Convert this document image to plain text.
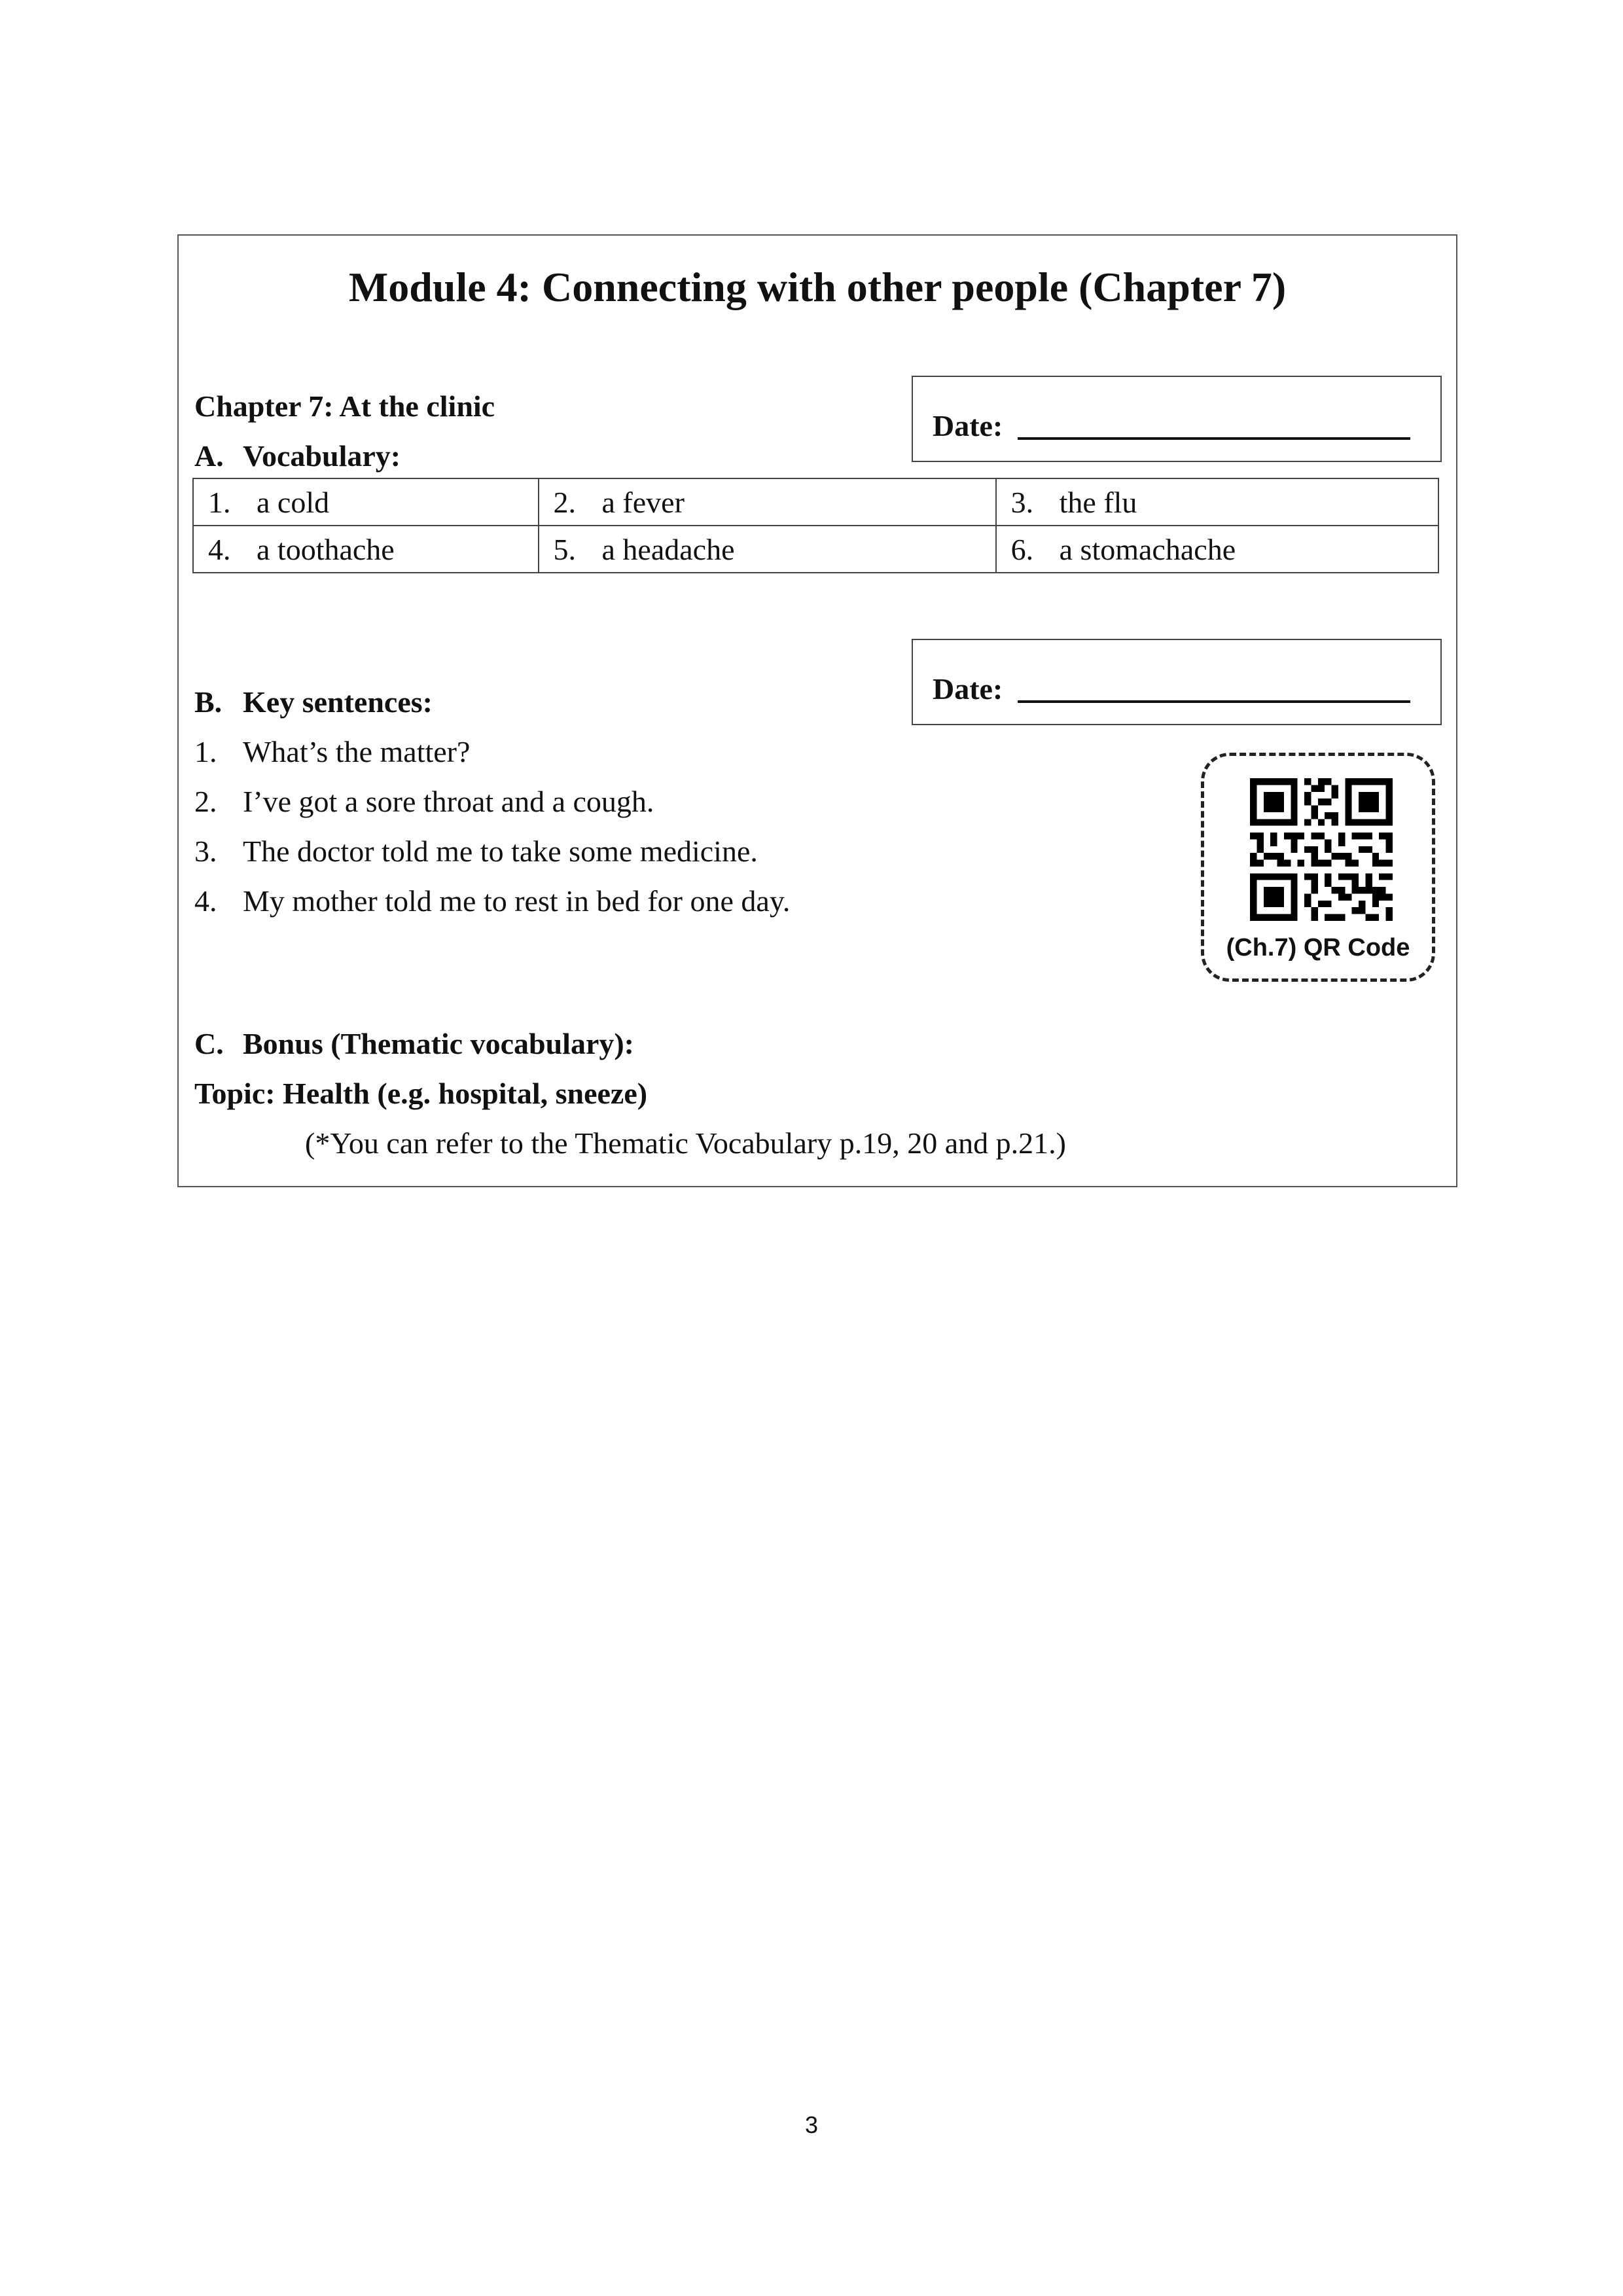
Module 4: Connecting with other people (Chapter 7)
Chapter 7: At the clinic
A. Vocabulary:
Date:
1. a cold	2. a fever	3. the flu
4. a toothache	5. a headache	6. a stomachache
Date:
B. Key sentences:
1. What’s the matter?
2. I’ve got a sore throat and a cough.
3. The doctor told me to take some medicine.
4. My mother told me to rest in bed for one day.
(Ch.7) QR Code
C. Bonus (Thematic vocabulary):
Topic: Health (e.g. hospital, sneeze)
(*You can refer to the Thematic Vocabulary p.19, 20 and p.21.)
3
